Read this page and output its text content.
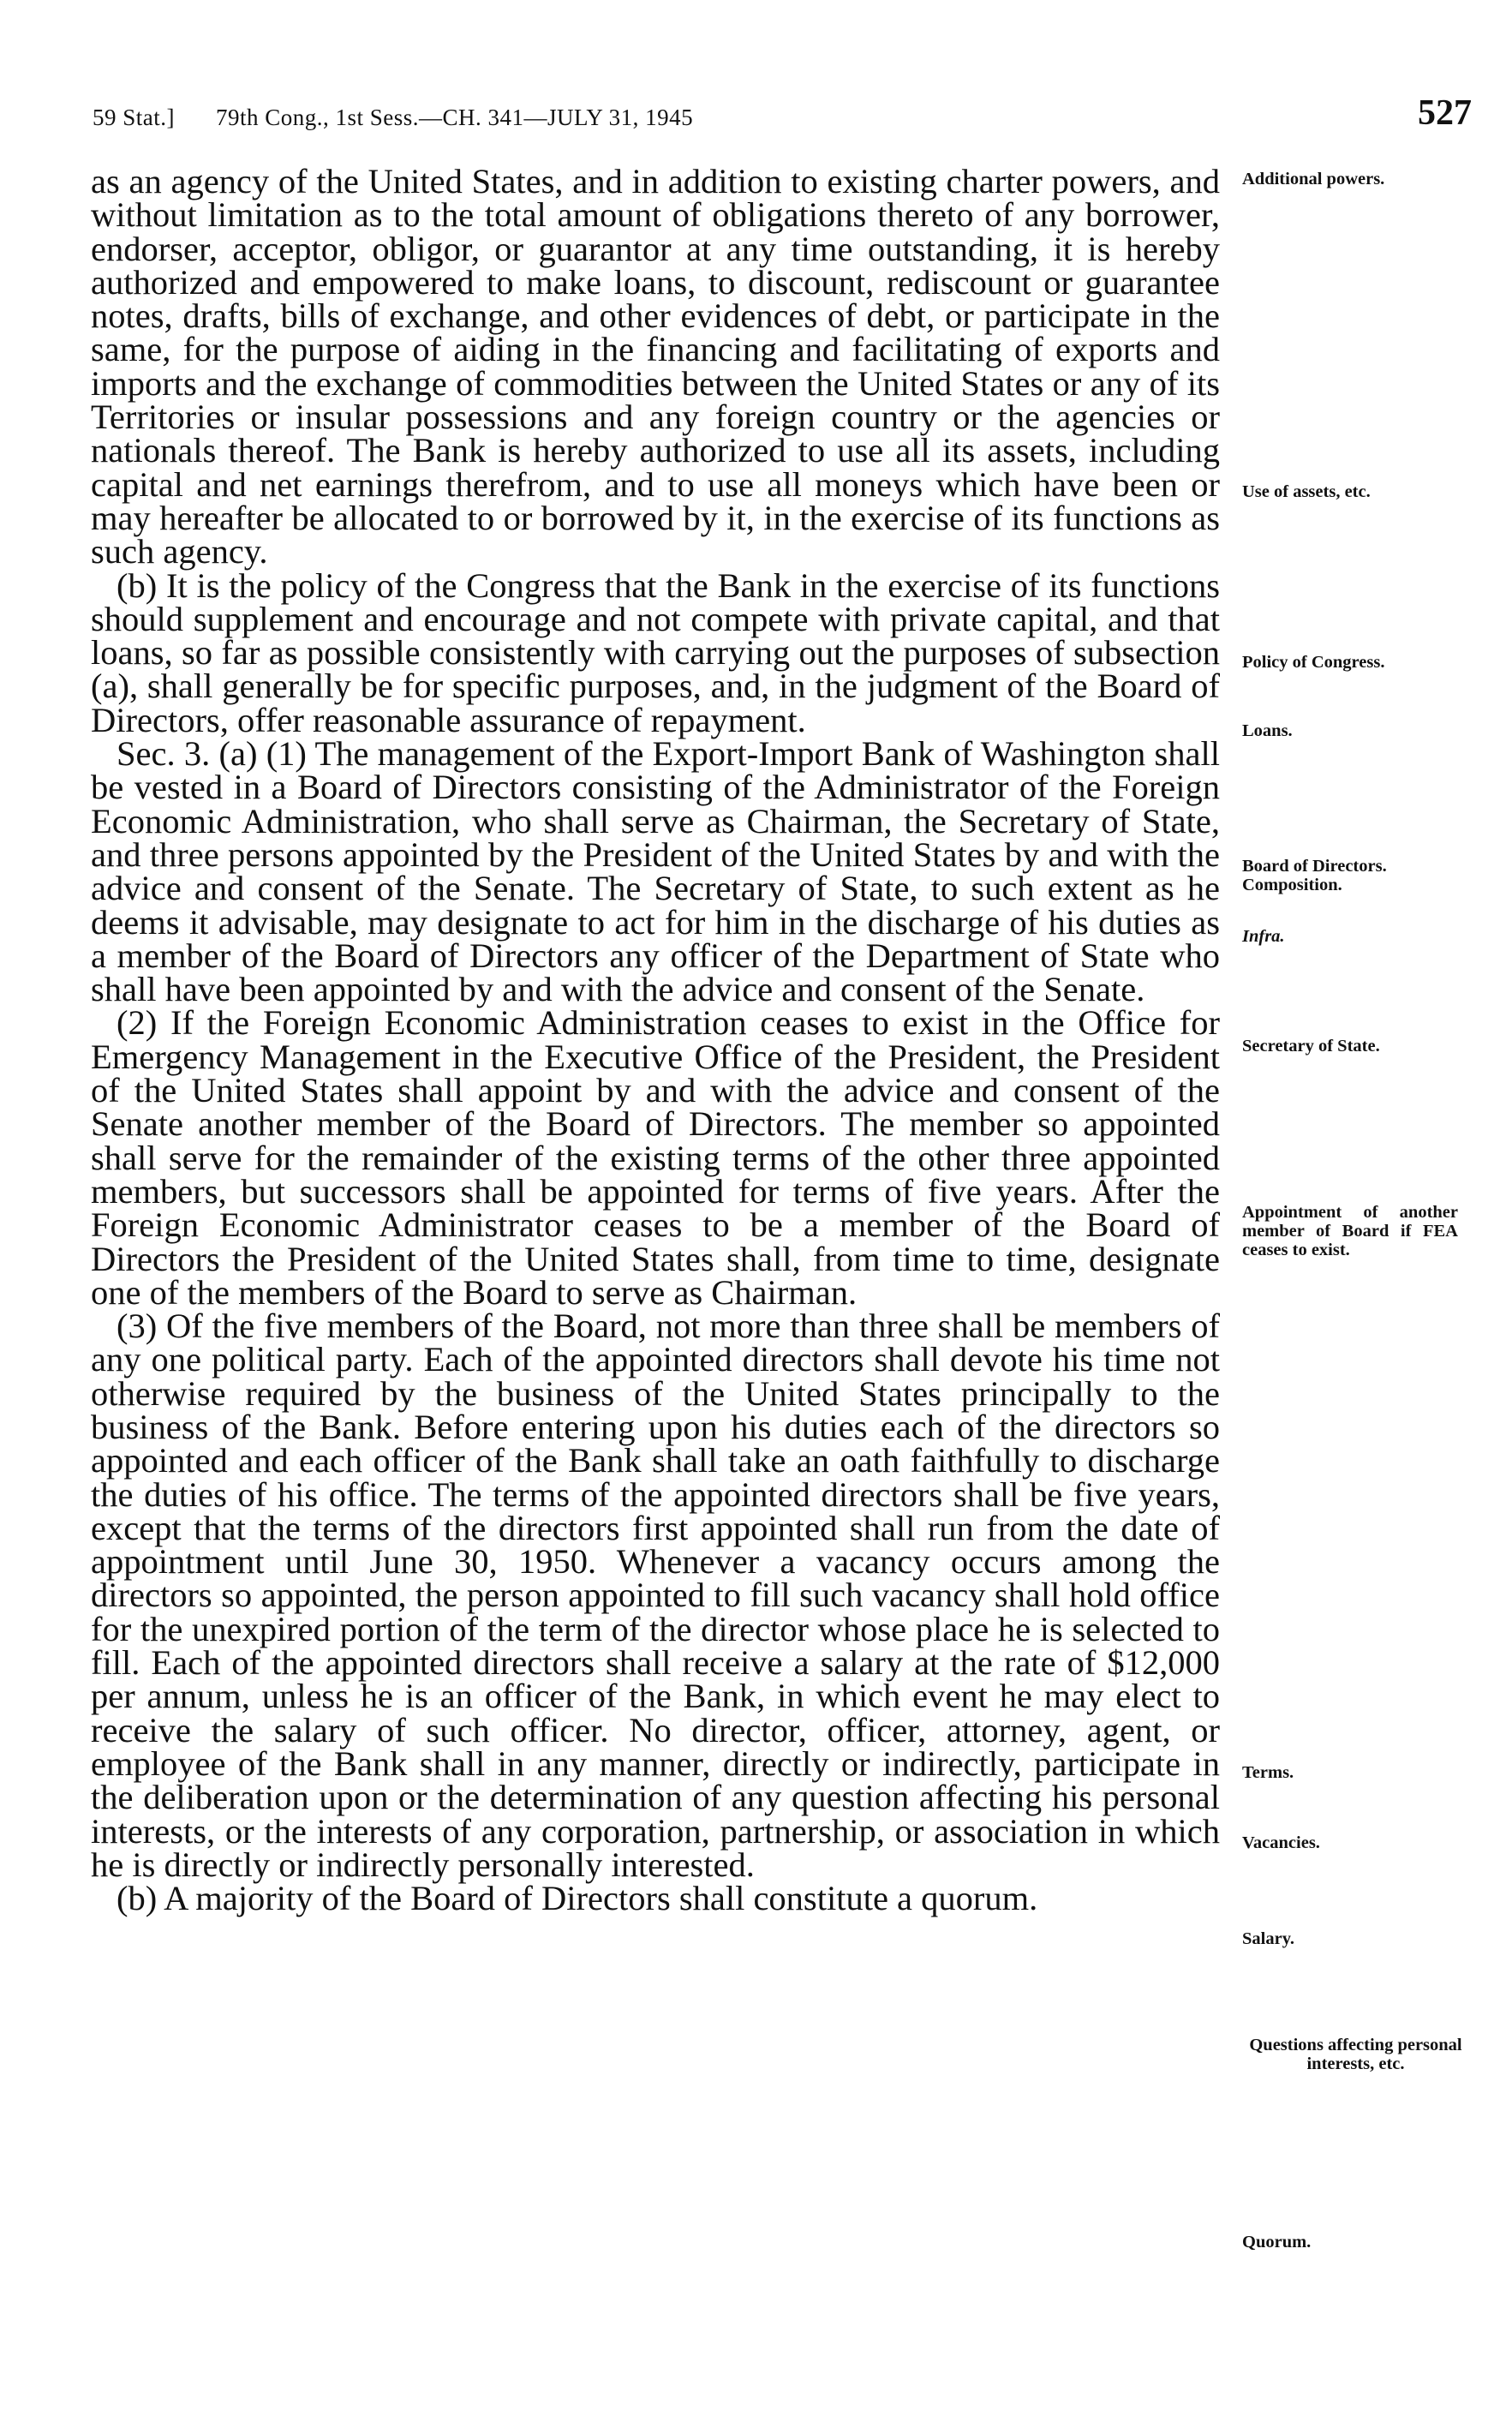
59 Stat.] 79th Cong., 1st Sess.—CH. 341—JULY 31, 1945	527

as an agency of the United States, and in addition to existing charter powers, and without limitation as to the total amount of obligations thereto of any borrower, endorser, acceptor, obligor, or guarantor at any time outstanding, it is hereby authorized and empowered to make loans, to discount, rediscount or guarantee notes, drafts, bills of exchange, and other evidences of debt, or participate in the same, for the purpose of aiding in the financing and facilitating of exports and imports and the exchange of commodities between the United States or any of its Territories or insular possessions and any foreign country or the agencies or nationals thereof. The Bank is hereby authorized to use all its assets, including capital and net earnings therefrom, and to use all moneys which have been or may hereafter be allocated to or borrowed by it, in the exercise of its functions as such agency.

(b) It is the policy of the Congress that the Bank in the exercise of its functions should supplement and encourage and not compete with private capital, and that loans, so far as possible consistently with carrying out the purposes of subsection (a), shall generally be for specific purposes, and, in the judgment of the Board of Directors, offer reasonable assurance of repayment.

Sec. 3. (a) (1) The management of the Export-Import Bank of Washington shall be vested in a Board of Directors consisting of the Administrator of the Foreign Economic Administration, who shall serve as Chairman, the Secretary of State, and three persons appointed by the President of the United States by and with the advice and consent of the Senate. The Secretary of State, to such extent as he deems it advisable, may designate to act for him in the discharge of his duties as a member of the Board of Directors any officer of the Department of State who shall have been appointed by and with the advice and consent of the Senate.

(2) If the Foreign Economic Administration ceases to exist in the Office for Emergency Management in the Executive Office of the President, the President of the United States shall appoint by and with the advice and consent of the Senate another member of the Board of Directors. The member so appointed shall serve for the remainder of the existing terms of the other three appointed members, but successors shall be appointed for terms of five years. After the Foreign Economic Administrator ceases to be a member of the Board of Directors the President of the United States shall, from time to time, designate one of the members of the Board to serve as Chairman.

(3) Of the five members of the Board, not more than three shall be members of any one political party. Each of the appointed directors shall devote his time not otherwise required by the business of the United States principally to the business of the Bank. Before entering upon his duties each of the directors so appointed and each officer of the Bank shall take an oath faithfully to discharge the duties of his office. The terms of the appointed directors shall be five years, except that the terms of the directors first appointed shall run from the date of appointment until June 30, 1950. Whenever a vacancy occurs among the directors so appointed, the person appointed to fill such vacancy shall hold office for the unexpired portion of the term of the director whose place he is selected to fill. Each of the appointed directors shall receive a salary at the rate of $12,000 per annum, unless he is an officer of the Bank, in which event he may elect to receive the salary of such officer. No director, officer, attorney, agent, or employee of the Bank shall in any manner, directly or indirectly, participate in the deliberation upon or the determination of any question affecting his personal interests, or the interests of any corporation, partnership, or association in which he is directly or indirectly personally interested.

(b) A majority of the Board of Directors shall constitute a quorum.

Additional powers.
Use of assets, etc.
Policy of Congress.
Loans.
Board of Directors.
Composition.
Infra.
Secretary of State.
Appointment of another member of Board if FEA ceases to exist.
Terms.
Vacancies.
Salary.
Questions affecting personal interests, etc.
Quorum.
